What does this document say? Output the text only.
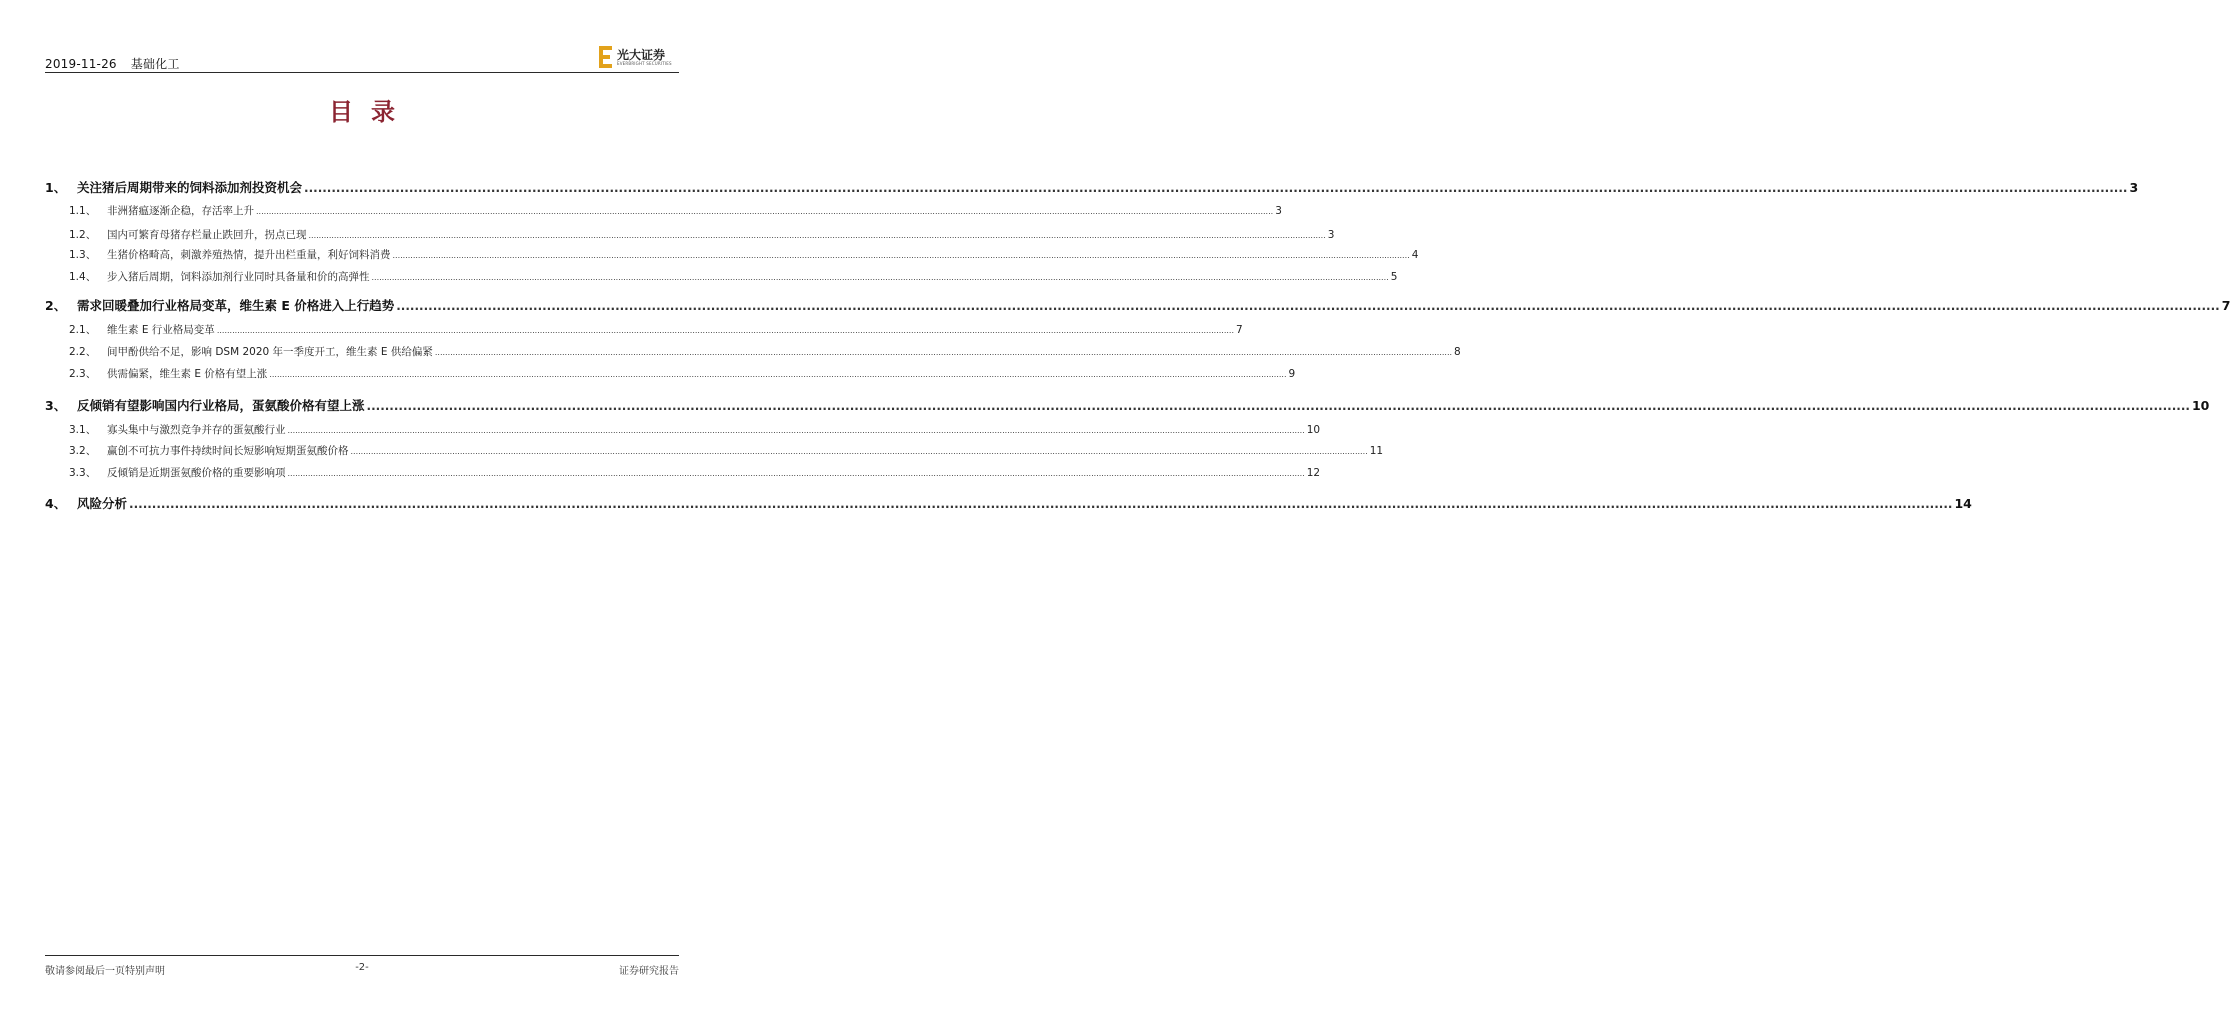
2019-11-26 基础化工
光大证券
EVERBRIGHT SECURITIES
目录
1、 关注猪后周期带来的饲料添加剂投资机会 ................................................................................................................................................................................................................................................................................................................................................................................................................ 3
1.1、	非洲猪瘟逐渐企稳，存活率上升 ................................................................................................................................................................................................................................................................................................................................................................................................................ 3
1.2、	国内可繁育母猪存栏量止跌回升，拐点已现 ................................................................................................................................................................................................................................................................................................................................................................................................................ 3
1.3、	生猪价格畸高，刺激养殖热情，提升出栏重量，利好饲料消费 ................................................................................................................................................................................................................................................................................................................................................................................................................ 4
1.4、	步入猪后周期，饲料添加剂行业同时具备量和价的高弹性 ................................................................................................................................................................................................................................................................................................................................................................................................................ 5
2、 需求回暖叠加行业格局变革，维生素 E 价格进入上行趋势 ................................................................................................................................................................................................................................................................................................................................................................................................................ 7
2.1、	维生素 E 行业格局变革 ................................................................................................................................................................................................................................................................................................................................................................................................................ 7
2.2、	间甲酚供给不足，影响 DSM 2020 年一季度开工，维生素 E 供给偏紧 ................................................................................................................................................................................................................................................................................................................................................................................................................ 8
2.3、	供需偏紧，维生素 E 价格有望上涨 ................................................................................................................................................................................................................................................................................................................................................................................................................ 9
3、 反倾销有望影响国内行业格局，蛋氨酸价格有望上涨 ................................................................................................................................................................................................................................................................................................................................................................................................................ 10
3.1、	寡头集中与激烈竞争并存的蛋氨酸行业 ................................................................................................................................................................................................................................................................................................................................................................................................................ 10
3.2、	赢创不可抗力事件持续时间长短影响短期蛋氨酸价格 ................................................................................................................................................................................................................................................................................................................................................................................................................ 11
3.3、	反倾销是近期蛋氨酸价格的重要影响项 ................................................................................................................................................................................................................................................................................................................................................................................................................ 12
4、 风险分析 ................................................................................................................................................................................................................................................................................................................................................................................................................ 14
敬请参阅最后一页特别声明	-2-	证券研究报告
